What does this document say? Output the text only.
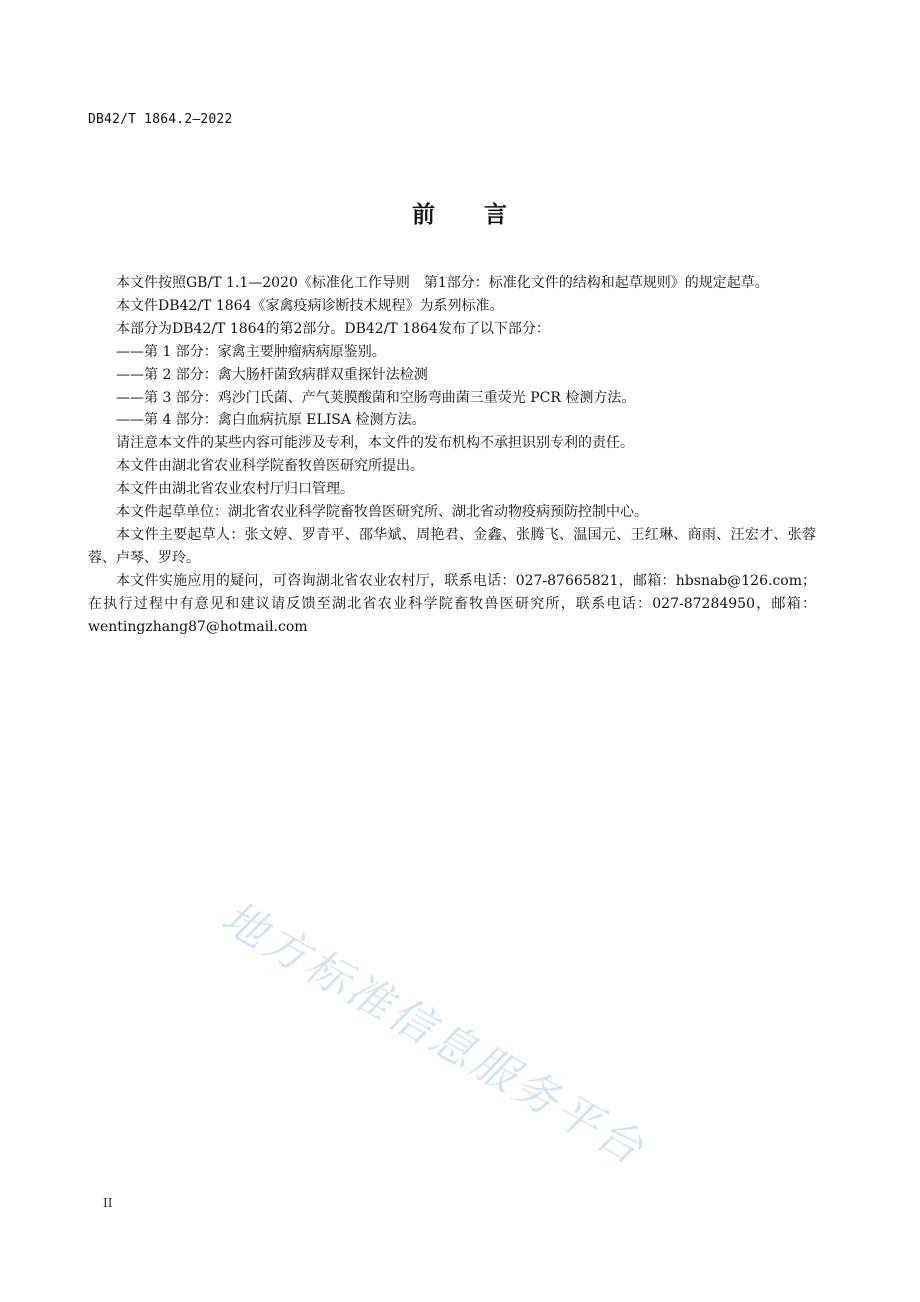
DB42/T 1864.2—2022
前 言

本文件按照GB/T 1.1—2020《标准化工作导则　第1部分：标准化文件的结构和起草规则》的规定起草。

本文件DB42/T 1864《家禽疫病诊断技术规程》为系列标准。

本部分为DB42/T 1864的第2部分。DB42/T 1864发布了以下部分：

——第 1 部分：家禽主要肿瘤病病原鉴别。

——第 2 部分：禽大肠杆菌致病群双重探针法检测

——第 3 部分：鸡沙门氏菌、产气荚膜酸菌和空肠弯曲菌三重荧光 PCR 检测方法。

——第 4 部分：禽白血病抗原 ELISA 检测方法。

请注意本文件的某些内容可能涉及专利，本文件的发布机构不承担识别专利的责任。

本文件由湖北省农业科学院畜牧兽医研究所提出。

本文件由湖北省农业农村厅归口管理。

本文件起草单位：湖北省农业科学院畜牧兽医研究所、湖北省动物疫病预防控制中心。

本文件主要起草人：张文婷、罗青平、邵华斌、周艳君、金鑫、张腾飞、温国元、王红琳、商雨、汪宏才、张蓉蓉、卢琴、罗玲。

本文件实施应用的疑问，可咨询湖北省农业农村厅，联系电话：027-87665821，邮箱：hbsnab@126.com；在执行过程中有意见和建议请反馈至湖北省农业科学院畜牧兽医研究所，联系电话：027-87284950，邮箱：wentingzhang87@hotmail.com

地方标准信息服务平台
II
